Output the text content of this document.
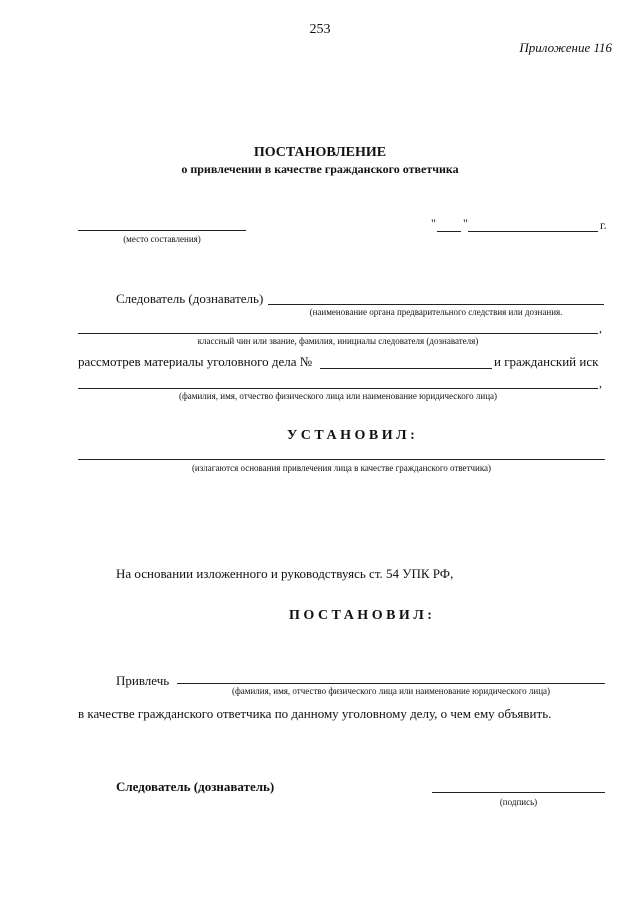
253
Приложение 116
ПОСТАНОВЛЕНИЕ
о привлечении в качестве гражданского ответчика
(место составления)
" "	г.
Следователь (дознаватель)
(наименование органа предварительного следствия или дознания.
,
классный чин или звание, фамилия, инициалы следователя (дознавателя)
рассмотрев материалы уголовного дела №	и гражданский иск
,
(фамилия, имя, отчество физического лица или наименование юридического лица)
УСТАНОВИЛ:
(излагаются основания привлечения лица в качестве гражданского ответчика)
На основании изложенного и руководствуясь ст. 54 УПК РФ,
ПОСТАНОВИЛ:
Привлечь
(фамилия, имя, отчество физического лица или наименование юридического лица)
в качестве гражданского ответчика по данному уголовному делу, о чем ему объявить.
Следователь (дознаватель)
(подпись)
